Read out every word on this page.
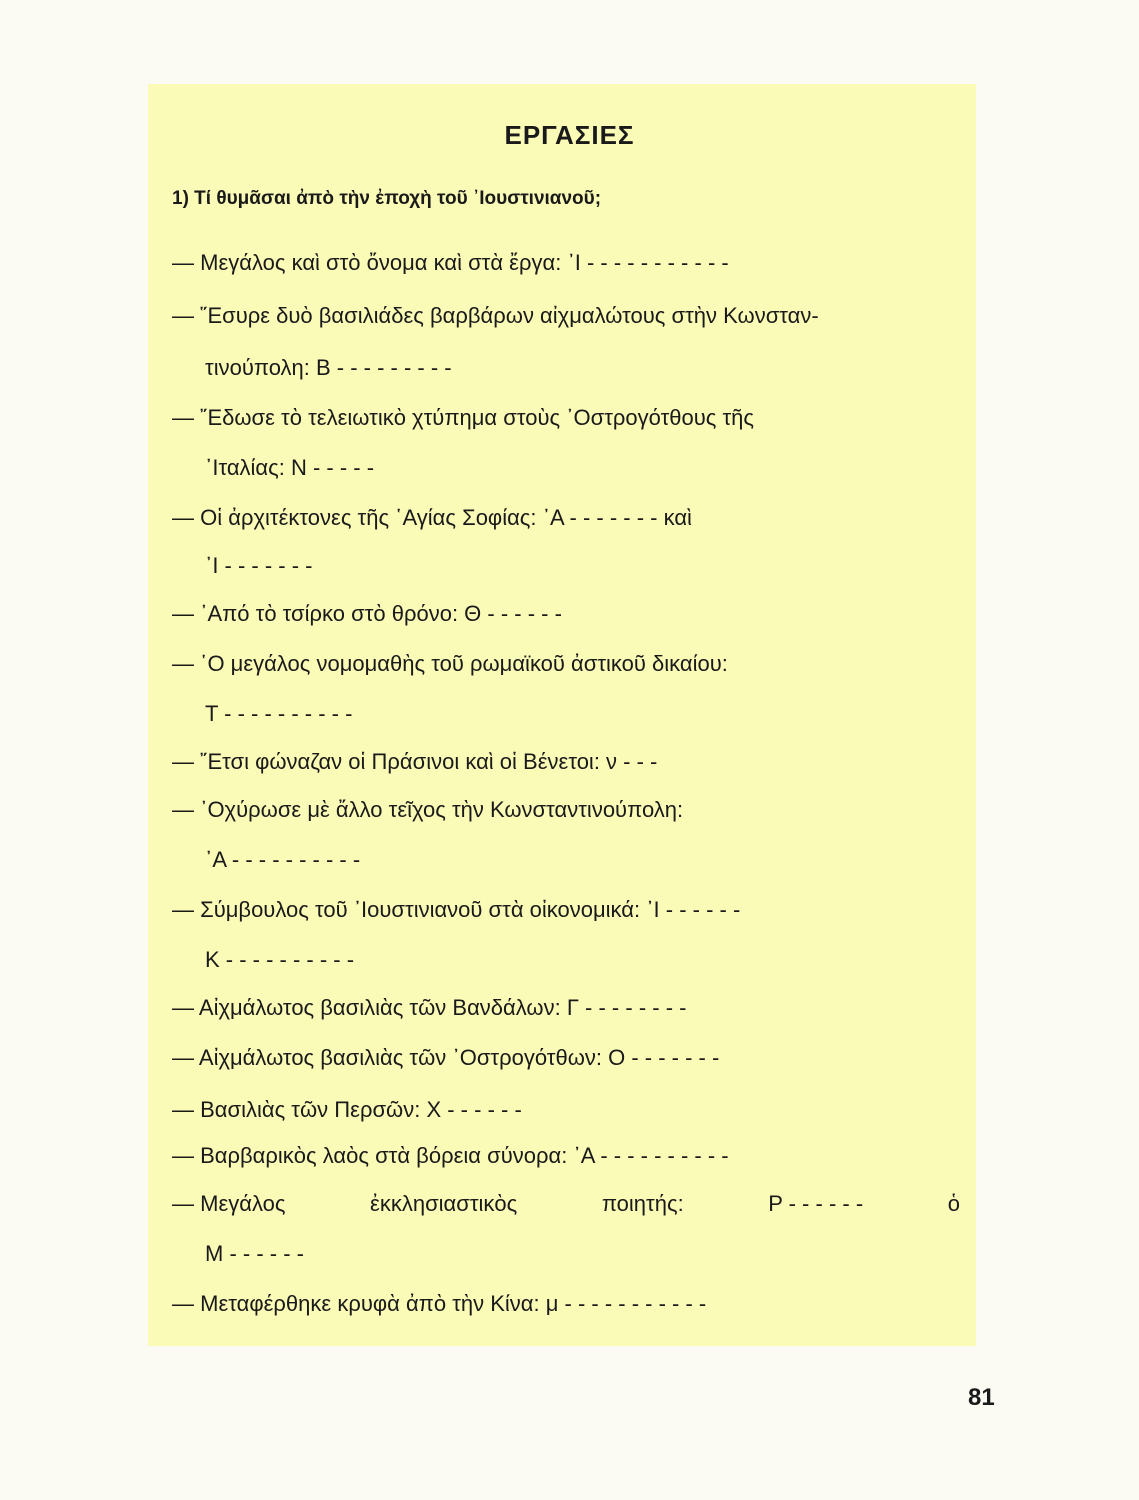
ΕΡΓΑΣΙΕΣ
1) Τί θυμᾶσαι ἀπὸ τὴν ἐποχὴ τοῦ ᾿Ιουστινιανοῦ;
— Μεγάλος καὶ στὸ ὄνομα καὶ στὰ ἔργα: ᾿Ι - - - - - - - - - - -
— ῞Εσυρε δυὸ βασιλιάδες βαρβάρων αἰχμαλώτους στὴν Κωνσταν-
τινούπολη: Β - - - - - - - - -
— ῎Εδωσε τὸ τελειωτικὸ χτύπημα στοὺς ᾿Οστρογότθους τῆς
᾿Ιταλίας: Ν - - - - -
— Οἱ ἀρχιτέκτονες τῆς ῾Αγίας Σοφίας: ᾿Α - - - - - - - καὶ
᾿Ι - - - - - - -
— ᾿Από τὸ τσίρκο στὸ θρόνο: Θ - - - - - -
— ῾Ο μεγάλος νομομαθὴς τοῦ ρωμαϊκοῦ ἀστικοῦ δικαίου:
Τ - - - - - - - - - -
— ῎Ετσι φώναζαν οἱ Πράσινοι καὶ οἱ Βένετοι: ν - - -
— ᾿Οχύρωσε μὲ ἄλλο τεῖχος τὴν Κωνσταντινούπολη:
᾿Α - - - - - - - - - -
— Σύμβουλος τοῦ ᾿Ιουστινιανοῦ στὰ οἰκονομικά: ᾿Ι - - - - - -
Κ - - - - - - - - - -
— Αἰχμάλωτος βασιλιὰς τῶν Βανδάλων: Γ - - - - - - - -
— Αἰχμάλωτος βασιλιὰς τῶν ᾿Οστρογότθων: Ο - - - - - - -
— Βασιλιὰς τῶν Περσῶν: Χ - - - - - -
— Βαρβαρικὸς λαὸς στὰ βόρεια σύνορα: ᾿Α - - - - - - - - - -
— Μεγάλος	ἐκκλησιαστικὸς	ποιητής:	Ρ - - - - - -	ὁ
Μ - - - - - -
— Μεταφέρθηκε κρυφὰ ἀπὸ τὴν Κίνα: μ - - - - - - - - - - -
81
